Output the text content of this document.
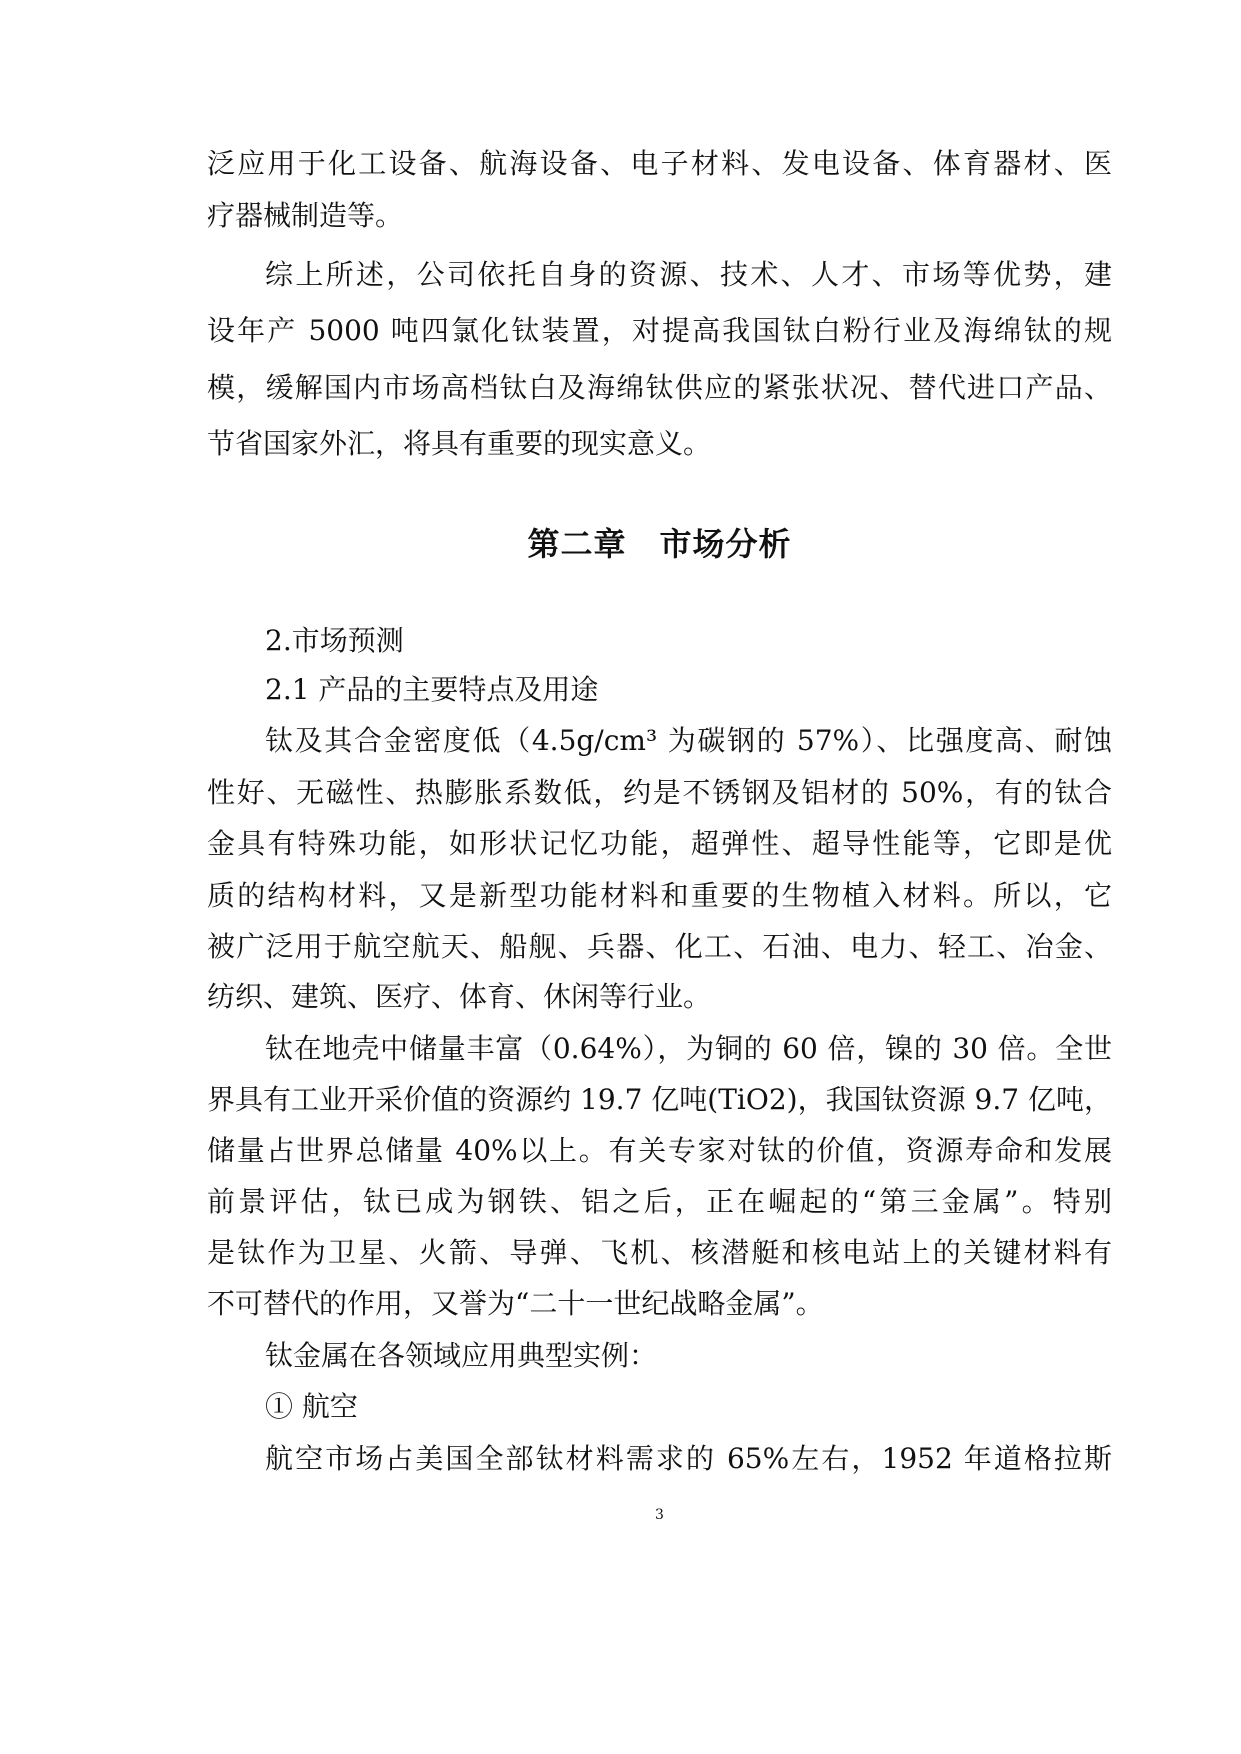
泛应用于化工设备、航海设备、电子材料、发电设备、体育器材、医
疗器械制造等。
综上所述，公司依托自身的资源、技术、人才、市场等优势，建
设年产 5000 吨四氯化钛装置，对提高我国钛白粉行业及海绵钛的规
模，缓解国内市场高档钛白及海绵钛供应的紧张状况、替代进口产品、
节省国家外汇，将具有重要的现实意义。
第二章　市场分析
2.市场预测
2.1 产品的主要特点及用途
钛及其合金密度低（4.5g/cm³ 为碳钢的 57%）、比强度高、耐蚀
性好、无磁性、热膨胀系数低，约是不锈钢及铝材的 50%，有的钛合
金具有特殊功能，如形状记忆功能，超弹性、超导性能等，它即是优
质的结构材料，又是新型功能材料和重要的生物植入材料。所以，它
被广泛用于航空航天、船舰、兵器、化工、石油、电力、轻工、冶金、
纺织、建筑、医疗、体育、休闲等行业。
钛在地壳中储量丰富（0.64%），为铜的 60 倍，镍的 30 倍。全世
界具有工业开采价值的资源约 19.7 亿吨(TiO2)，我国钛资源 9.7 亿吨，
储量占世界总储量 40%以上。有关专家对钛的价值，资源寿命和发展
前景评估，钛已成为钢铁、铝之后，正在崛起的“第三金属”。特别
是钛作为卫星、火箭、导弹、飞机、核潜艇和核电站上的关键材料有
不可替代的作用，又誉为“二十一世纪战略金属”。
钛金属在各领域应用典型实例：
① 航空
航空市场占美国全部钛材料需求的 65%左右，1952 年道格拉斯
3
